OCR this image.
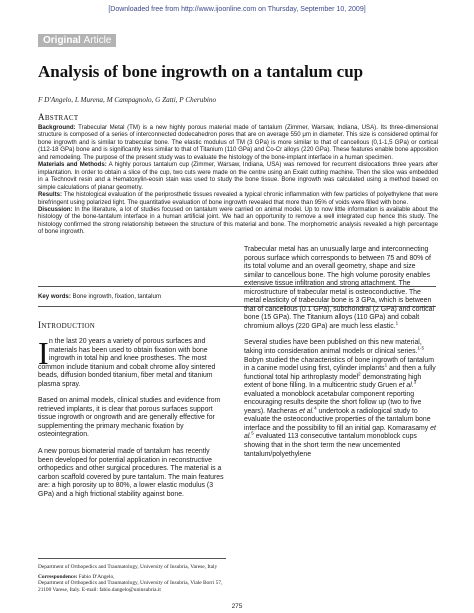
[Downloaded free from http://www.ijoonline.com on Thursday, September 10, 2009]
Original Article
Analysis of bone ingrowth on a tantalum cup
F D'Angelo, L Murena, M Campagnolo, G Zatti, P Cherubino
ABSTRACT

Background: Trabecular Metal (TM) is a new highly porous material made of tantalum (Zimmer, Warsaw, Indiana, USA). Its three-dimensional structure is composed of a series of interconnected dodecahedron pores that are on average 550 μm in diameter. This size is considered optimal for bone ingrowth and is similar to trabecular bone. The elastic modulus of TM (3 GPa) is more similar to that of cancellous (0,1-1,5 GPa) or cortical (112-18 GPa) bone and is significantly less similar to that of Titanium (110 GPa) and Co-Cr alloys (220 GPa). These features enable bone apposition and remodeling. The purpose of the present study was to evaluate the histology of the bone-implant interface in a human specimen.

Materials and Methods: A highly porous tantalum cup (Zimmer, Warsaw, Indiana, USA) was removed for recurrent dislocations three years after implantation. In order to obtain a slice of the cup, two cuts were made on the centre using an Exakt cutting machine. Then the slice was embedded in a Technovit resin and a Hematoxylin-eosin stain was used to study the bone tissue. Bone ingrowth was calculated using a method based on simple calculations of planar geometry.

Results: The histological evaluation of the periprosthetic tissues revealed a typical chronic inflammation with few particles of polyethylene that were birefringent using polarized light. The quantitative evaluation of bone ingrowth revealed that more than 95% of voids were filled with bone.

Discussion: In the literature, a lot of studies focused on tantalum were carried on animal model. Up to now little information is available about the histology of the bone-tantalum interface in a human artificial joint. We had an opportunity to remove a well integrated cup hence this study. The histology confirmed the strong relationship between the structure of this material and bone. The morphometric analysis revealed a high percentage of bone ingrowth.

Key words: Bone ingrowth, fixation, tantalum
INTRODUCTION
I n the last 20 years a variety of porous surfaces and
materials has been used to obtain fixation with bone
ingrowth in total hip and knee prostheses. The most
common include titanium and cobalt chrome alloy sintered beads, diffusion bonded titanium, fiber metal and titanium plasma spray.

Based on animal models, clinical studies and evidence from retrieved implants, it is clear that porous surfaces support tissue ingrowth or ongrowth and are generally effective for supplementing the primary mechanic fixation by osteointegration.

A new porous biomaterial made of tantalum has recently been developed for potential application in reconstructive orthopedics and other surgical procedures. The material is a carbon scaffold covered by pure tantalum. The main features are: a high porosity up to 80%, a lower elastic modulus (3 GPa) and a high frictional stability against bone.

Department of Orthopedics and Traumatology, University of Insubria, Varese, Italy

Correspondence: Fabio D'Angelo,
Department of Orthopedics and Traumatology, University of Insubria, Viale Borri 57, 21100 Varese, Italy. E-mail: fabio.dangelo@uninsubria.it

Trabecular metal has an unusually large and interconnecting porous surface which corresponds to between 75 and 80% of its total volume and an overall geometry, shape and size similar to cancellous bone. The high volume porosity enables extensive tissue infiltration and strong attachment. The microstructure of trabecular metal is osteoconductive. The metal elasticity of trabecular bone is 3 GPa, which is between that of cancellous (0.1 GPa), subchondral (2 GPa) and cortical bone (15 GPa). The Titanium alloys (110 GPa) and cobalt chromium alloys (220 GPa) are much less elastic.$^1$

Several studies have been published on this new material, taking into consideration animal models or clinical series.$^{1-5}$ Bobyn studied the characteristics of bone ingrowth of tantalum in a canine model using first, cylinder implants$^1$ and then a fully functional total hip arthroplasty model$^2$ demonstrating high extent of bone filling. In a multicentric study Gruen et al.$^3$ evaluated a monoblock acetabular component reporting encouraging results despite the short follow up (two to five years). Macheras et al.$^4$ undertook a radiological study to evaluate the osteoconductive properties of the tantalum bone interface and the possibility to fill an initial gap. Komarasamy et al.$^5$ evaluated 113 consecutive tantalum monoblock cups showing that in the short term the new uncemented tantalum/polyethylene

275
